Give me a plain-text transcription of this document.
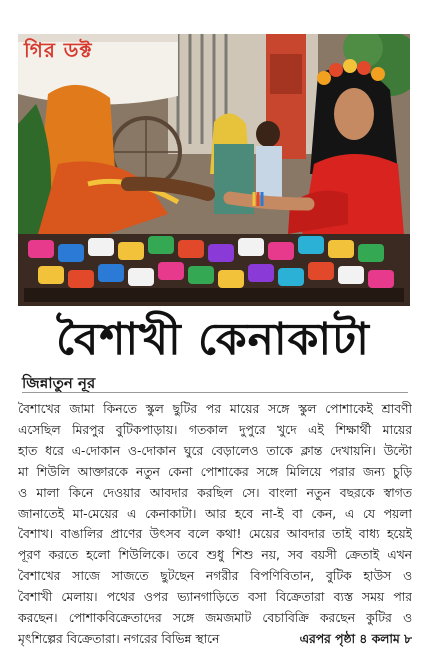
গির ডক্ট
বৈশাখী কেনাকাটা
জিন্নাতুন নূর
বৈশাখের জামা কিনতে স্কুল ছুটির পর মায়ের সঙ্গে স্কুল পোশাকেই শ্রাবণী
এসেছিল মিরপুর বুটিকপাড়ায়। গতকাল দুপুরে খুদে এই শিক্ষার্থী মায়ের
হাত ধরে এ-দোকান ও-দোকান ঘুরে বেড়ালেও তাকে ক্লান্ত দেখায়নি। উল্টো
মা শিউলি আক্তারকে নতুন কেনা পোশাকের সঙ্গে মিলিয়ে পরার জন্য চুড়ি
ও মালা কিনে দেওয়ার আবদার করছিল সে। বাংলা নতুন বছরকে স্বাগত
জানাতেই মা-মেয়ের এ কেনাকাটা। আর হবে না-ই বা কেন, এ যে পয়লা
বৈশাখ। বাঙালির প্রাণের উৎসব বলে কথা! মেয়ের আবদার তাই বাধ্য হয়েই
পূরণ করতে হলো শিউলিকে। তবে শুধু শিশু নয়, সব বয়সী ক্রেতাই এখন
বৈশাখের সাজে সাজতে ছুটছেন নগরীর বিপণিবিতান, বুটিক হাউস ও
বৈশাখী মেলায়। পথের ওপর ভ্যানগাড়িতে বসা বিক্রেতারা ব্যস্ত সময় পার
করছেন। পোশাকবিক্রেতাদের সঙ্গে জমজমাট বেচাবিক্রি করছেন কুটির ও
মৃৎশিল্পের বিক্রেতারা। নগরের বিভিন্ন স্থানে	এরপর পৃষ্ঠা ৪ কলাম ৮
